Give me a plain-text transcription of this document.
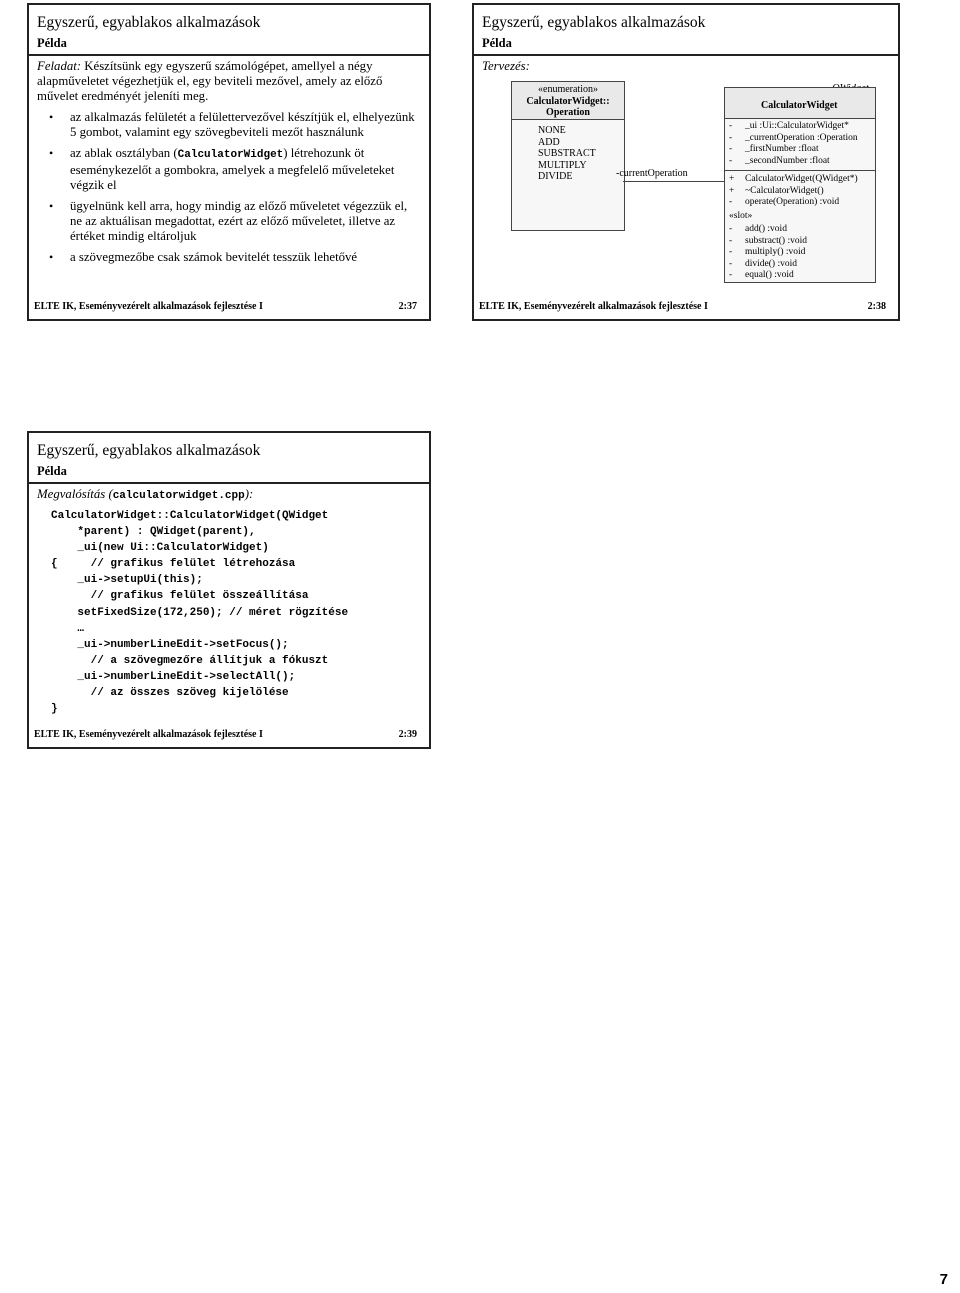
Egyszerű, egyablakos alkalmazások
Példa
Feladat: Készítsünk egy egyszerű számológépet, amellyel a négy alapműveletet végezhetjük el, egy beviteli mezővel, amely az előző művelet eredményét jeleníti meg.
• az alkalmazás felületét a felülettervezővel készítjük el, elhelyezünk 5 gombot, valamint egy szövegbeviteli mezőt használunk
• az ablak osztályban (CalculatorWidget) létrehozunk öt eseménykezelőt a gombokra, amelyek a megfelelő műveleteket végzik el
• ügyelnünk kell arra, hogy mindig az előző műveletet végezzük el, ne az aktuálisan megadottat, ezért az előző műveletet, illetve az értéket mindig eltároljuk
• a szövegmezőbe csak számok bevitelét tesszük lehetővé
ELTE IK, Eseményvezérelt alkalmazások fejlesztése I	2:37
Egyszerű, egyablakos alkalmazások
Példa
Tervezés:
«enumeration»
CalculatorWidget::
Operation
NONE
ADD
SUBSTRACT
MULTIPLY
DIVIDE	-currentOperation
CalculatorWidget
- _ui :Ui::CalculatorWidget*
- _currentOperation :Operation
- _firstNumber :float
- _secondNumber :float
+ CalculatorWidget(QWidget*)
+ ~CalculatorWidget()
- operate(Operation) :void
«slot»
- add() :void
- substract() :void
- multiply() :void
- divide() :void
- equal() :void
ELTE IK, Eseményvezérelt alkalmazások fejlesztése I	2:38
Egyszerű, egyablakos alkalmazások
Példa
Megvalósítás (calculatorwidget.cpp):
CalculatorWidget::CalculatorWidget(QWidget
*parent) : QWidget(parent),
_ui(new Ui::CalculatorWidget)
{     // grafikus felület létrehozása
_ui->setupUi(this);
// grafikus felület összeállítása
setFixedSize(172,250); // méret rögzítése
…
_ui->numberLineEdit->setFocus();
// a szövegmezőre állítjuk a fókuszt
_ui->numberLineEdit->selectAll();
// az összes szöveg kijelölése
}
ELTE IK, Eseményvezérelt alkalmazások fejlesztése I	2:39
7
